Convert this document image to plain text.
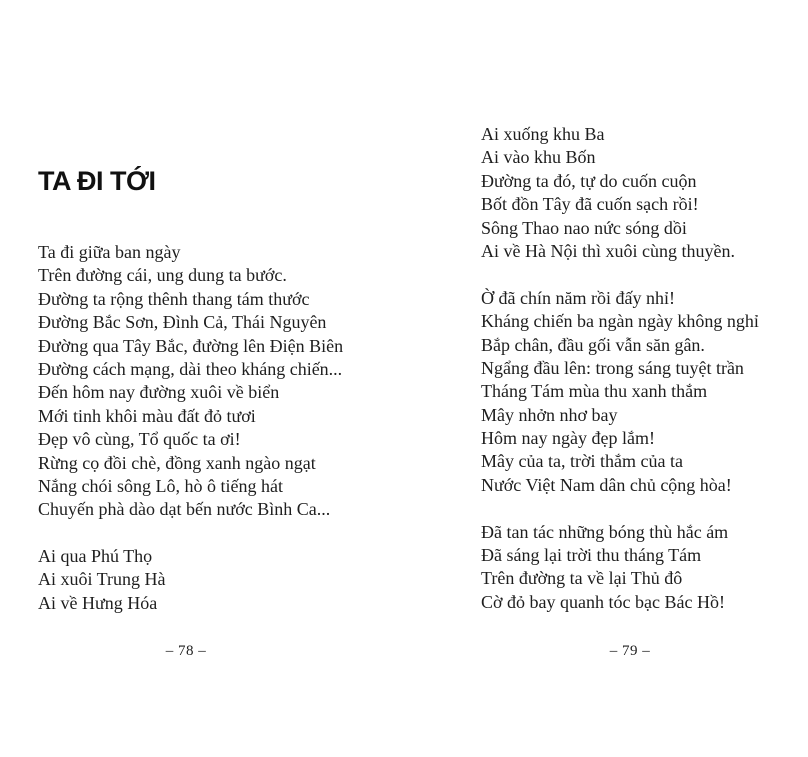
TA ĐI TỚI
Ta đi giữa ban ngày
Trên đường cái, ung dung ta bước.
Đường ta rộng thênh thang tám thước
Đường Bắc Sơn, Đình Cả, Thái Nguyên
Đường qua Tây Bắc, đường lên Điện Biên
Đường cách mạng, dài theo kháng chiến...
Đến hôm nay đường xuôi về biển
Mới tinh khôi màu đất đỏ tươi
Đẹp vô cùng, Tổ quốc ta ơi!
Rừng cọ đồi chè, đồng xanh ngào ngạt
Nắng chói sông Lô, hò ô tiếng hát
Chuyến phà dào dạt bến nước Bình Ca...
Ai qua Phú Thọ
Ai xuôi Trung Hà
Ai về Hưng Hóa
– 78 –
Ai xuống khu Ba
Ai vào khu Bốn
Đường ta đó, tự do cuốn cuộn
Bốt đồn Tây đã cuốn sạch rồi!
Sông Thao nao nức sóng dồi
Ai về Hà Nội thì xuôi cùng thuyền.
Ờ đã chín năm rồi đấy nhỉ!
Kháng chiến ba ngàn ngày không nghỉ
Bắp chân, đầu gối vẫn săn gân.
Ngẩng đầu lên: trong sáng tuyệt trần
Tháng Tám mùa thu xanh thắm
Mây nhởn nhơ bay
Hôm nay ngày đẹp lắm!
Mây của ta, trời thắm của ta
Nước Việt Nam dân chủ cộng hòa!
Đã tan tác những bóng thù hắc ám
Đã sáng lại trời thu tháng Tám
Trên đường ta về lại Thủ đô
Cờ đỏ bay quanh tóc bạc Bác Hồ!
– 79 –
